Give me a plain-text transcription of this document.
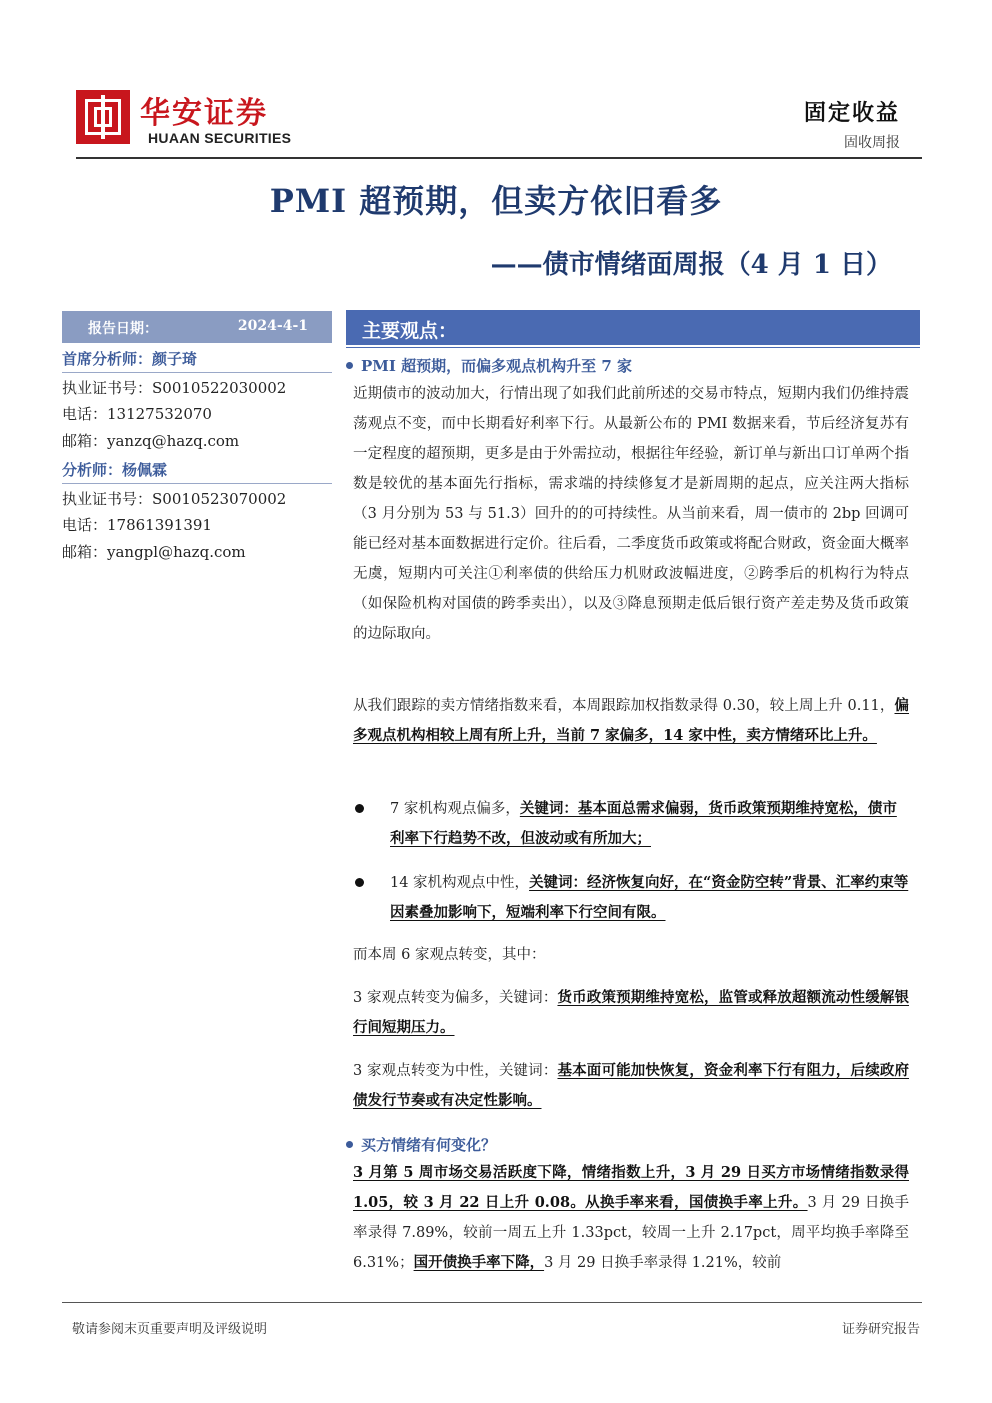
华安证券
HUAAN SECURITIES
固定收益
固收周报
PMI 超预期，但卖方依旧看多
——债市情绪面周报（4 月 1 日）
报告日期：	2024-4-1
首席分析师：颜子琦
执业证书号：S0010522030002
电话：13127532070
邮箱：yanzq@hazq.com
分析师：杨佩霖
执业证书号：S0010523070002
电话：17861391391
邮箱：yangpl@hazq.com
主要观点：
PMI 超预期，而偏多观点机构升至 7 家
近期债市的波动加大，行情出现了如我们此前所述的交易市特点，短期内我们仍维持震荡观点不变，而中长期看好利率下行。从最新公布的 PMI 数据来看，节后经济复苏有一定程度的超预期，更多是由于外需拉动，根据往年经验，新订单与新出口订单两个指数是较优的基本面先行指标，需求端的持续修复才是新周期的起点，应关注两大指标（3 月分别为 53 与 51.3）回升的的可持续性。从当前来看，周一债市的 2bp 回调可能已经对基本面数据进行定价。往后看，二季度货币政策或将配合财政，资金面大概率无虞，短期内可关注①利率债的供给压力机财政波幅进度，②跨季后的机构行为特点（如保险机构对国债的跨季卖出），以及③降息预期走低后银行资产差走势及货币政策的边际取向。
从我们跟踪的卖方情绪指数来看，本周跟踪加权指数录得 0.30，较上周上升 0.11，偏多观点机构相较上周有所上升，当前 7 家偏多，14 家中性，卖方情绪环比上升。
7 家机构观点偏多，关键词：基本面总需求偏弱，货币政策预期维持宽松，债市利率下行趋势不改，但波动或有所加大；
14 家机构观点中性，关键词：经济恢复向好，在“资金防空转”背景、汇率约束等因素叠加影响下，短端利率下行空间有限。
而本周 6 家观点转变，其中：
3 家观点转变为偏多，关键词：货币政策预期维持宽松，监管或释放超额流动性缓解银行间短期压力。
3 家观点转变为中性，关键词：基本面可能加快恢复，资金利率下行有阻力，后续政府债发行节奏或有决定性影响。
买方情绪有何变化？
3 月第 5 周市场交易活跃度下降，情绪指数上升，3 月 29 日买方市场情绪指数录得 1.05，较 3 月 22 日上升 0.08。从换手率来看，国债换手率上升。3 月 29 日换手率录得 7.89%，较前一周五上升 1.33pct，较周一上升 2.17pct，周平均换手率降至 6.31%；国开债换手率下降，3 月 29 日换手率录得 1.21%，较前
敬请参阅末页重要声明及评级说明	证券研究报告
